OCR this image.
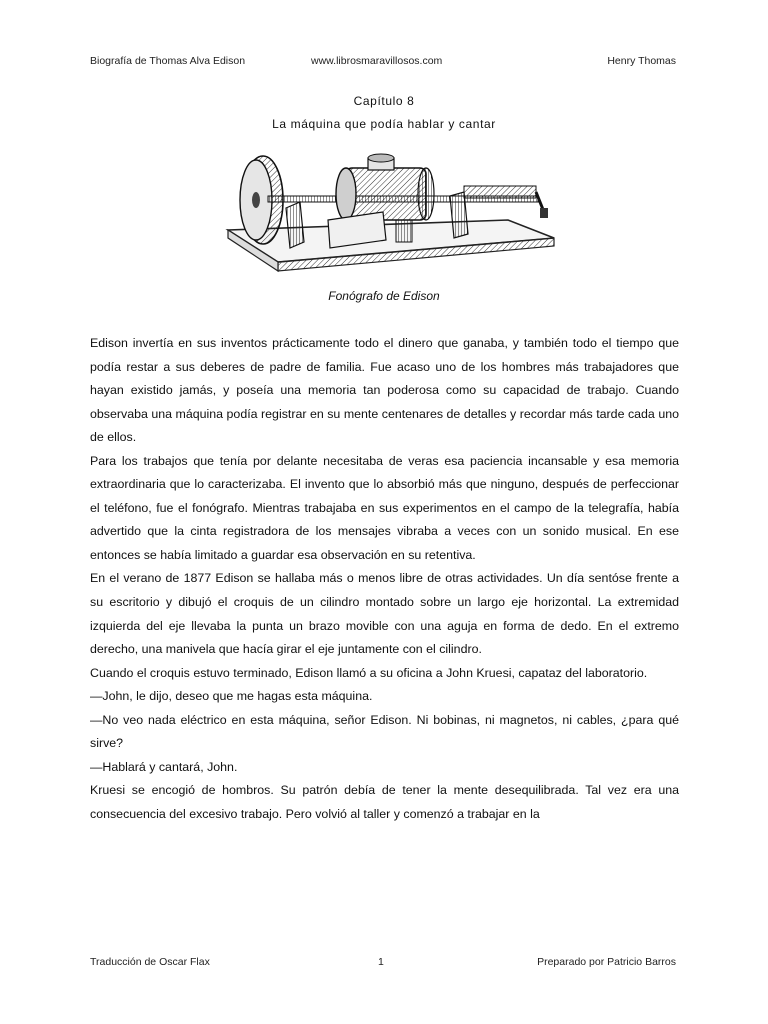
Biografía de Thomas Alva Edison	www.librosmaravillosos.com	Henry Thomas
Capítulo 8
La máquina que podía hablar y cantar
Fonógrafo de Edison

Edison invertía en sus inventos prácticamente todo el dinero que ganaba, y también todo el tiempo que podía restar a sus deberes de padre de familia. Fue acaso uno de los hombres más trabajadores que hayan existido jamás, y poseía una memoria tan poderosa como su capacidad de trabajo. Cuando observaba una máquina podía registrar en su mente centenares de detalles y recordar más tarde cada uno de ellos.

Para los trabajos que tenía por delante necesitaba de veras esa paciencia incansable y esa memoria extraordinaria que lo caracterizaba. El invento que lo absorbió más que ninguno, después de perfeccionar el teléfono, fue el fonógrafo. Mientras trabajaba en sus experimentos en el campo de la telegrafía, había advertido que la cinta registradora de los mensajes vibraba a veces con un sonido musical. En ese entonces se había limitado a guardar esa observación en su retentiva.

En el verano de 1877 Edison se hallaba más o menos libre de otras actividades. Un día sentóse frente a su escritorio y dibujó el croquis de un cilindro montado sobre un largo eje horizontal. La extremidad izquierda del eje llevaba la punta un brazo movible con una aguja en forma de dedo. En el extremo derecho, una manivela que hacía girar el eje juntamente con el cilindro.

Cuando el croquis estuvo terminado, Edison llamó a su oficina a John Kruesi, capataz del laboratorio.

—John, le dijo, deseo que me hagas esta máquina.

—No veo nada eléctrico en esta máquina, señor Edison. Ni bobinas, ni magnetos, ni cables, ¿para qué sirve?

—Hablará y cantará, John.

Kruesi se encogió de hombros. Su patrón debía de tener la mente desequilibrada. Tal vez era una consecuencia del excesivo trabajo. Pero volvió al taller y comenzó a trabajar en la

Traducción de Oscar Flax	1	Preparado por Patricio Barros
